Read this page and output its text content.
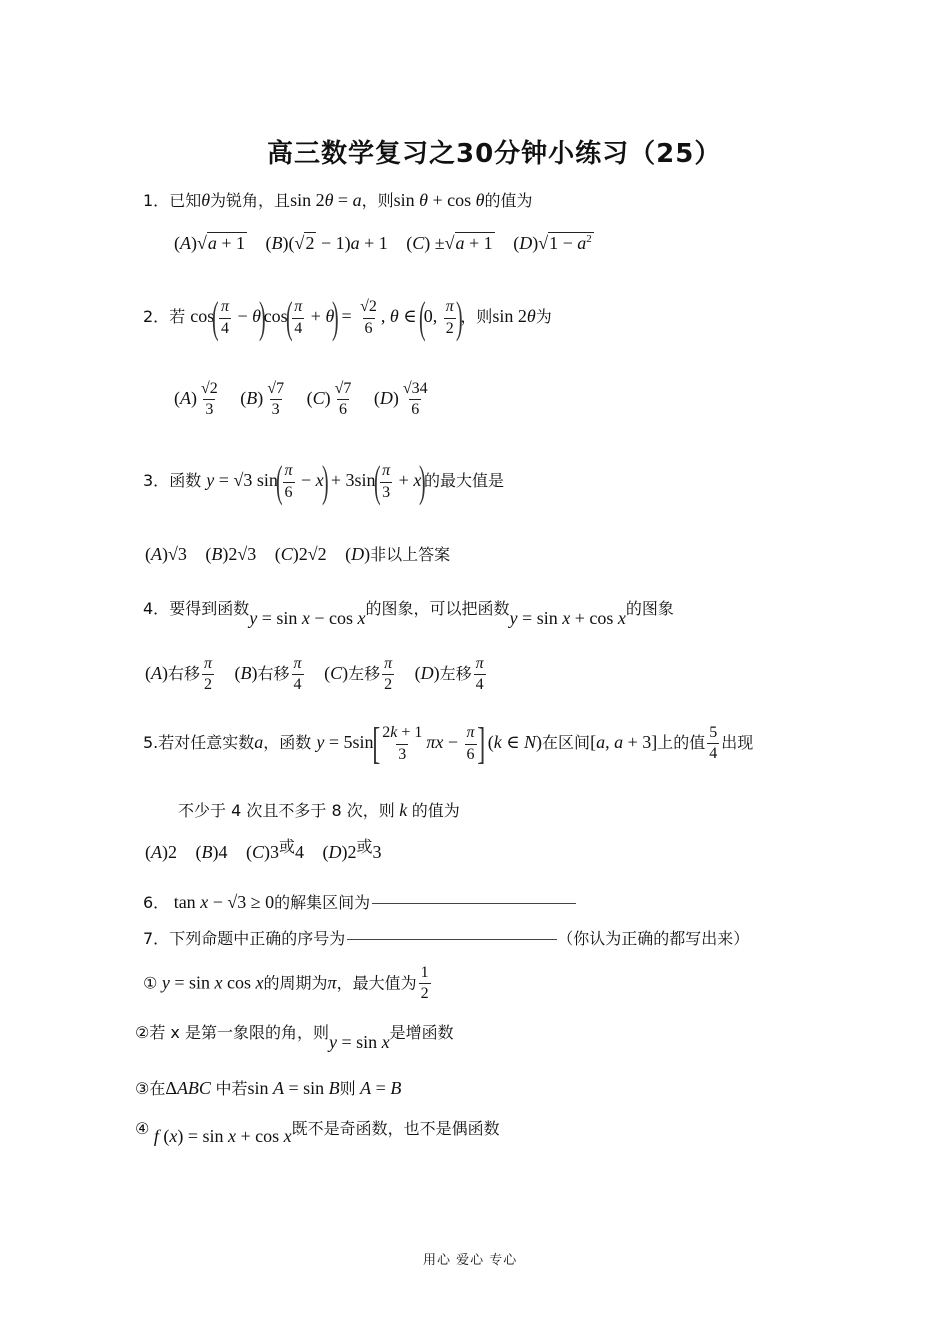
高三数学复习之30分钟小练习（25）
1．已知θ为锐角，且sin 2θ = a，则sin θ + cos θ的值为
(A)√a + 1 (B)(√2 − 1)a + 1 (C) ±√a + 1 $(D)√1 - a^2$
2．若 $\cos( \frac{\pi}{4} - \theta)\cos( \frac{\pi}{4} + \theta) = \frac{√2}{6}$ , θ ∈ (0, $\frac{\pi}{2}$ )，则sin 2θ为
$(A) \frac{√2}{3} (B) \frac{√7}{3} (C) \frac{√7}{6} (D) \frac{√34}{6}$
3．函数 y = √3 $\sin( \frac{\pi}{6} - x) + 3\sin( \frac{\pi}{3} + x)$的最大值是
(A)√3 (B)2√3 (C)2√2 (D)非以上答案
4．要得到函数y = sin x − cos x的图象，可以把函数y = sin x + cos x的图象
(A)右移 $\frac{\pi}{2} (B)$右移 $\frac{\pi}{4} (C)$左移 $\frac{\pi}{2} (D)$左移 $\frac{\pi}{4}$
5.若对任意实数a，函数 $y = 5\sin[ \frac{2k + 1}{3}$ $\pi x - \frac{\pi}{6}$ ] (k ∈ N)在区间[a, a + 3]上的值 $\frac{5}{4}$ 出现
不少于 4 次且不多于 8 次，则 k 的值为
(A)2 (B)4 (C)3或4 (D)2或3
6． tan x − √3 ≥ 0的解集区间为
7．下列命题中正确的序号为	（你认为正确的都写出来）
① y = sin x cos x的周期为π，最大值为 $\frac{1}{2}$
②若 x 是第一象限的角，则y = sin x是增函数
③在ΔABC 中若sin A = sin B则 A = B
④ f (x) = sin x + cos x既不是奇函数，也不是偶函数
用心 爱心 专心
